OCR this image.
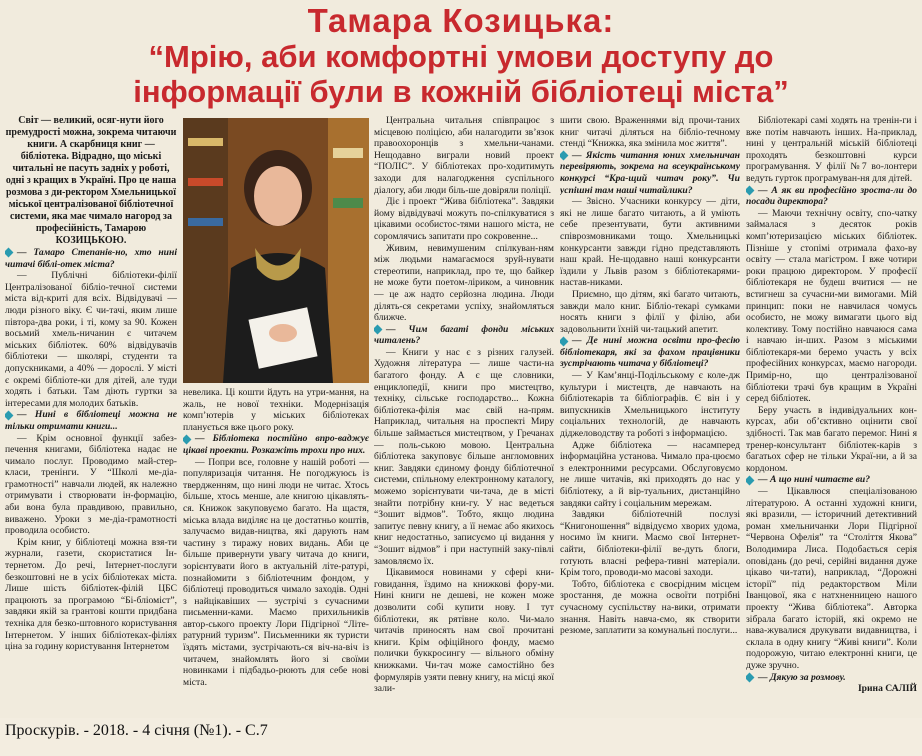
Тамара Козицька:
“Мрію, аби комфортні умови доступу до
інформації були в кожній бібліотеці міста”
Світ — великий, осяг-нути його премудрості можна, зокрема читаючи книги. А скарбниця книг — бібліотека. Відрадно, що міські читальні не пасуть задніх у роботі, одні з кращих в Україні. Про це наша розмова з ди-ректором Хмельницької міської централізованої бібліотечної системи, яка має чимало нагород за професійність, Тамарою КОЗИЦЬКОЮ.

— Тамаро Степанів-но, хто нині читачі біблі-отек міста?

— Публічні бібліотеки-філії Централізованої бібліо-течної системи міста від-криті для всіх. Відвідувачі — люди різного віку. Є чи-тачі, яким лише півтора-два роки, і ті, кому за 90. Кожен восьмий хмель-ничанин є читачем міських бібліотек. 60% відвідувачів бібліотеки — школярі, студенти та допускниками, а 40% — дорослі. У місті є окремі бібліоте-ки для дітей, але туди ходять і батьки. Там діють гуртки за інтересами для молодих батьків.

— Нині в бібліотеці можна не тільки отримати книги...

— Крім основної функції забез-печення книгами, бібліотека надає не чимало послуг. Проводимо май-стер-класи, тренінги. У “Школі ме-діа-грамотності” навчали людей, як належно отримувати і створювати ін-формацію, аби вона була правдивою, правильно, виважено. Уроки з ме-діа-грамотності проводила особисто.

Крім книг, у бібліотеці можна взя-ти журнали, газети, скористатися Ін-тернетом. До речі, Інтернет-послуги безкоштовні не в усіх бібліотеках міста. Лише шість бібліотек-філій ЦБС працюють за програмою “Бі-бліоміст”, завдяки якій за грантові кошти придбана техніка для безко-штовного користування Інтернетом. У інших бібліотеках-філіях ціна за годину користування Інтернетом

невелика. Ці кошти йдуть на утри-мання, на жаль, не нової техніки. Модернізація комп’ютерів у міських бібліотеках планується вже цього року.

— Бібліотека постійно впро-ваджує цікаві проекти. Розкажіть трохи про них.

— Попри все, головне у нашій роботі — популяризація читання. Не погоджуюсь із твердженням, що нині люди не читає. Хтось більше, хтось менше, але книгою цікавлять-ся. Книжок закуповуємо багато. На щастя, міська влада виділяє на це достатньо коштів, залучаємо видав-ництва, які дарують нам частину з тиражу нових видань. Аби це більше привернути увагу читача до книги, зорієнтувати його в актуальній літе-ратурі, познайомити з бібліотечним фондом, у бібліотеці проводиться чимало заходів. Одні з найцікавіших — зустрічі з сучасними письменни-ками. Маємо прихильників автор-ського проекту Лори Підгірної “Літе-ратурний туризм”. Письменники як туристи їздять містами, зустрічають-ся віч-на-віч із читачем, знайомлять його зі своїми новинками і підбадьо-рюють для себе нові міста.

Центральна читальня співпрацює з місцевою поліцією, аби налагодити зв’язок правоохоронців з хмельни-чанами. Нещодавно виграли новий проект “ПОЛІС”. У бібліотеках про-ходитимуть заходи для налагодження суспільного діалогу, аби люди біль-ше довіряли поліції.

Діє і проект “Жива бібліотека”. Завдяки йому відвідувачі можуть по-спілкуватися з цікавими особистос-тями нашого міста, не соромлячись запитати про сокровенне...

Живим, невимушеним спілкуван-ням між людьми намагаємося зруй-нувати стереотипи, наприклад, про те, що байкер не може бути поетом-ліриком, а чиновник — це аж надто серйозна людина. Люди ділять-ся секретами успіху, знайомляться ближче.

— Чим багаті фонди міських читалень?

— Книги у нас є з різних галузей. Художня література — лише части-на багатого фонду. А є ще словники, енциклопедії, книги про мистецтво, техніку, сільське господарство... Кожна бібліотека-філія має свій на-прям. Наприклад, читальня на проспекті Миру більше займається мистецтвом, у Гречанах — поль-ською мовою. Центральна бібліотека закуповує більше англомовних книг. Завдяки єдиному фонду бібліотечної системи, спільному електронному каталогу, можемо зорієнтувати чи-тача, де в місті знайти потрібну кни-гу. У нас ведеться “Зошит відмов”. Тобто, якщо людина запитує певну книгу, а її немає або якихось книг недостатньо, записуємо ці видання у “Зошит відмов” і при наступній заку-півлі замовляємо їх.

Цікавимося новинами у сфері кни-говидання, їздимо на книжкові фору-ми. Нині книги не дешеві, не кожен може дозволити собі купити нову. І тут бібліотеки, як рятівне коло. Чи-мало читачів приносять нам свої прочитані книги. Крім офіційного фонду, маємо полички буккросингу — вільного обміну книжками. Чи-тач може самостійно без формулярів узяти певну книгу, на місці якої зали-

шити свою. Враженнями від прочи-таних книг читачі діляться на бібліо-течному стенді “Книжка, яка змінила моє життя”.

— Якість читання юних хмельничан перевіряють, зокрема на всеукраїнському конкурсі “Кра-щий читач року”. Чи успішні там наші читайлики?

— Звісно. Учасники конкурсу — діти, які не лише багато читають, а й уміють себе презентувати, бути активними співрозмовниками тощо. Хмельницькі конкурсанти завжди гідно представляють наш край. Не-щодавно наші конкурсанти їздили у Львів разом з бібліотекарями-настав-никами.

Приємно, що дітям, які багато читають, завжди мало книг. Бібліо-текарі сумками носять книги з філії у філію, аби задовольнити їхній чи-тацький апетит.

— Де нині можна освіти про-фесію бібліотекаря, які за фахом працівники зустрічають читача у бібліотеці?

— У Кам’янці-Подільському є коле-дж культури і мистецтв, де навчають на бібліотекарів та бібліографів. Є він і у випускників Хмельницького інституту соціальних технологій, де навчають діджеловодству та роботі з інформацією.

Адже бібліотека — насамперед інформаційна установа. Чимало пра-цюємо з електронними ресурсами. Обслуговуємо не лише читачів, які приходять до нас у бібліотеку, а й вір-туальних, дистанційно завдяки сайту і соціальним мережам.

Завдяки бібліотечній послузі “Книгоношення” відвідуємо хворих удома, носимо їм книги. Маємо свої Інтернет-сайти, бібліотеки-філії ве-дуть блоги, готують власні рефера-тивні матеріали. Крім того, проводи-мо масові заходи.

Тобто, бібліотека є своєрідним місцем зростання, де можна освоїти потрібні сучасному суспільству на-вики, отримати знання. Навіть навча-ємо, як створити резюме, заплатити за комунальні послуги...

Бібліотекарі самі ходять на тренін-ги і вже потім навчають інших. На-приклад, нині у центральній міській бібліотеці проходять безкоштовні курси програмування. У філії №7 во-лонтери ведуть гурток програмуван-ня для дітей.

— А як ви професійно зроста-ли до посади директора?

— Маючи технічну освіту, спо-чатку займалася з десяток років комп’ютеризацією міських бібліотек. Пізніше у стопімі отримала фахо-ву освіту — стала магістром. І вже чотири роки працюю директором. У професії бібліотекаря не будеш вчитися — не встигнеш за сучасни-ми вимогами. Мій принцип: поки не навчилася чомусь особисто, не можу вимагати цього від колективу. Тому постійно навчаюся сама і навчаю ін-ших. Разом з міськими бібліотекаря-ми беремо участь у всіх професійних конкурсах, маємо нагороди. Примір-но, що централізованої бібліотеки трачі був кращим в Україні серед бібліотек.

Беру участь в індивідуальних кон-курсах, аби об’єктивно оцінити свої здібності. Так мав багато перемог. Нині я тренер-консультант бібліотек-карів з багатьох сфер не тільки Украї-ни, а й за кордоном.

— А що нині читаєте ви?

— Цікавлюся спеціалізованою літературою. А останні художні книги, які вразили, — історичний детективний роман хмельничанки Лори Підгірної “Червона Офелія” та “Століття Якова” Володимира Лиса. Подобається серія оповідань (до речі, серійні видання дуже цікаво чи-тати), наприклад, “Дорожні історії” під редакторством Міли Іванцової, яка є натхненницею нашого проекту “Жива бібліотека”. Авторка зібрала багато історій, які окремо не нава-жувалися друкувати видавництва, і склала в одну книгу “Живі книги”. Коли подорожую, читаю електронні книги, це дуже зручно.

— Дякую за розмову.

Ірина САЛІЙ
Проскурів. - 2018. - 4 січня (№1). - С.7
